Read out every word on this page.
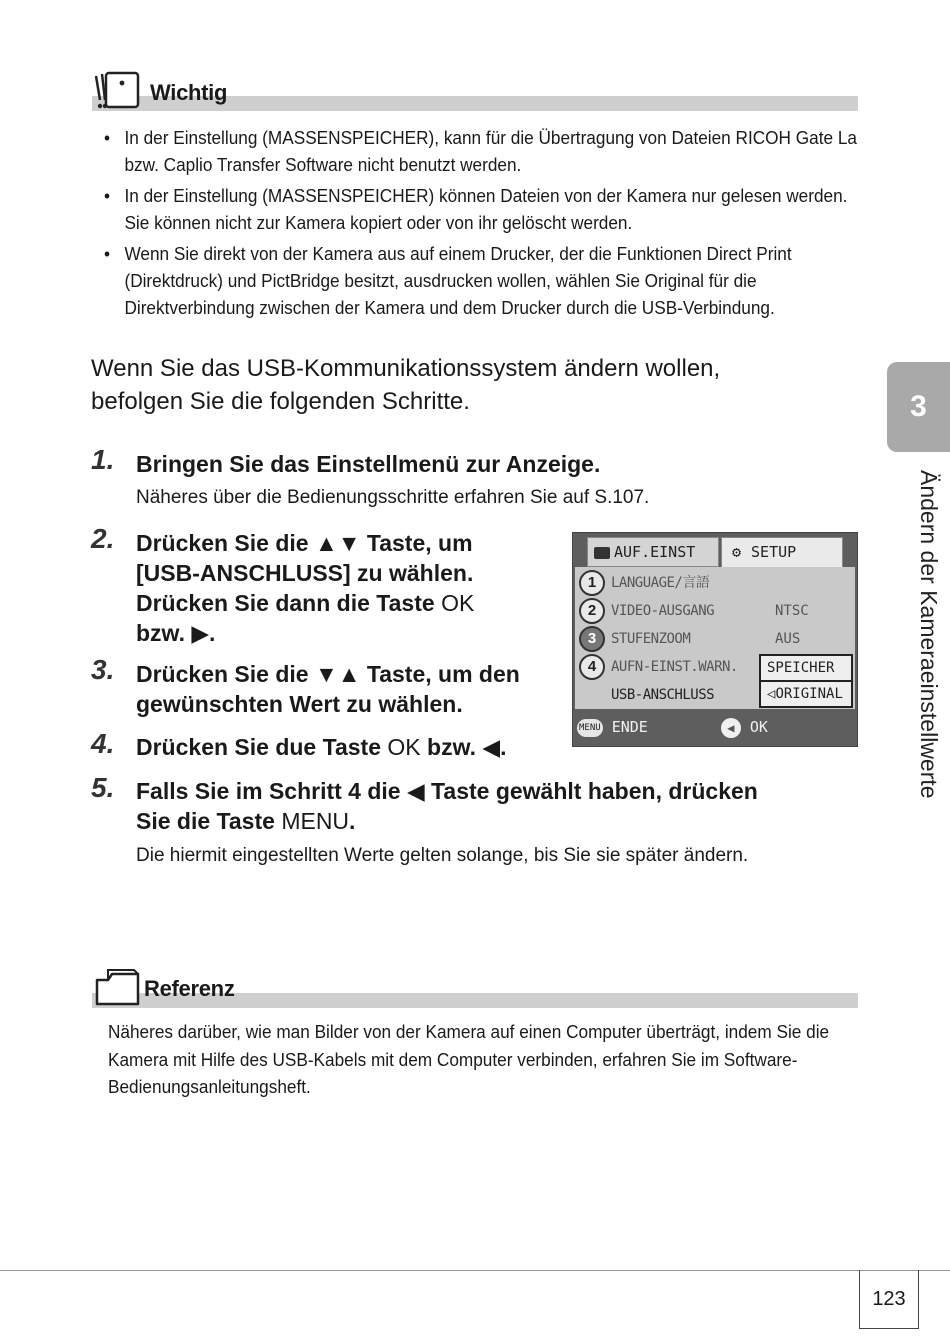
Wichtig
• In der Einstellung (MASSENSPEICHER), kann für die Übertragung von Dateien RICOH Gate La bzw. Caplio Transfer Software nicht benutzt werden.
• In der Einstellung (MASSENSPEICHER) können Dateien von der Kamera nur gelesen werden. Sie können nicht zur Kamera kopiert oder von ihr gelöscht werden.
• Wenn Sie direkt von der Kamera aus auf einem Drucker, der die Funktionen Direct Print (Direktdruck) und PictBridge besitzt, ausdrucken wollen, wählen Sie Original für die Direktverbindung zwischen der Kamera und dem Drucker durch die USB-Verbindung.
Wenn Sie das USB-Kommunikationssystem ändern wollen,
befolgen Sie die folgenden Schritte.
1. Bringen Sie das Einstellmenü zur Anzeige.
Näheres über die Bedienungsschritte erfahren Sie auf S.107.
2. Drücken Sie die ▲▼ Taste, um
[USB-ANSCHLUSS] zu wählen.
Drücken Sie dann die Taste OK
bzw. ▶.
3. Drücken Sie die ▼▲ Taste, um den
gewünschten Wert zu wählen.
4. Drücken Sie due Taste OK bzw. ◀.
5. Falls Sie im Schritt 4 die ◀ Taste gewählt haben, drücken
Sie die Taste MENU.
Die hiermit eingestellten Werte gelten solange, bis Sie sie später ändern.
AUF.EINST	⚙ SETUP
1
2
3
4
LANGUAGE/言語
VIDEO-AUSGANG	NTSC
STUFENZOOM	AUS
AUFN-EINST.WARN.
USB-ANSCHLUSS
SPEICHER
◁ORIGINAL
MENU ENDE	◀ OK
3
Ändern der Kameraeinstellwerte
Referenz
Näheres darüber, wie man Bilder von der Kamera auf einen Computer überträgt, indem Sie die Kamera mit Hilfe des USB-Kabels mit dem Computer verbinden, erfahren Sie im Software-Bedienungsanleitungsheft.
123
